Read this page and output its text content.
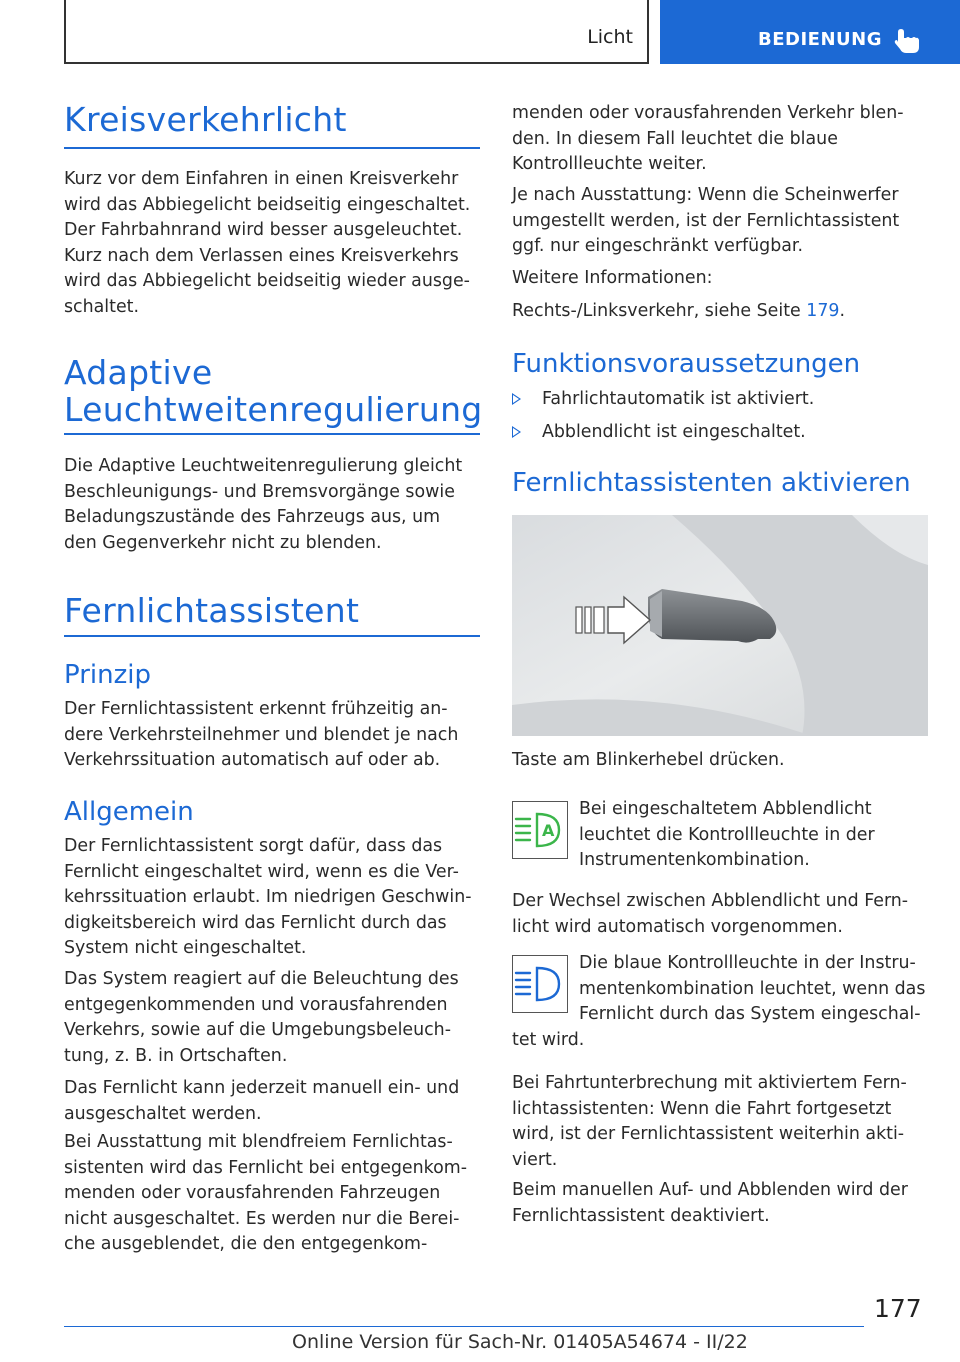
Licht	BEDIENUNG
Kreisverkehrlicht
Kurz vor dem Einfahren in einen Kreisverkehr
wird das Abbiegelicht beidseitig eingeschaltet.
Der Fahrbahnrand wird besser ausgeleuchtet.
Kurz nach dem Verlassen eines Kreisverkehrs
wird das Abbiegelicht beidseitig wieder ausge-
schaltet.
Adaptive
Leuchtweitenregulierung
Die Adaptive Leuchtweitenregulierung gleicht
Beschleunigungs- und Bremsvorgänge sowie
Beladungszustände des Fahrzeugs aus, um
den Gegenverkehr nicht zu blenden.
Fernlichtassistent
Prinzip
Der Fernlichtassistent erkennt frühzeitig an-
dere Verkehrsteilnehmer und blendet je nach
Verkehrssituation automatisch auf oder ab.
Allgemein
Der Fernlichtassistent sorgt dafür, dass das
Fernlicht eingeschaltet wird, wenn es die Ver-
kehrssituation erlaubt. Im niedrigen Geschwin-
digkeitsbereich wird das Fernlicht durch das
System nicht eingeschaltet.
Das System reagiert auf die Beleuchtung des
entgegenkommenden und vorausfahrenden
Verkehrs, sowie auf die Umgebungsbeleuch-
tung, z. B. in Ortschaften.
Das Fernlicht kann jederzeit manuell ein- und
ausgeschaltet werden.
Bei Ausstattung mit blendfreiem Fernlichtas-
sistenten wird das Fernlicht bei entgegenkom-
menden oder vorausfahrenden Fahrzeugen
nicht ausgeschaltet. Es werden nur die Berei-
che ausgeblendet, die den entgegenkom-
menden oder vorausfahrenden Verkehr blen-
den. In diesem Fall leuchtet die blaue
Kontrollleuchte weiter.
Je nach Ausstattung: Wenn die Scheinwerfer
umgestellt werden, ist der Fernlichtassistent
ggf. nur eingeschränkt verfügbar.
Weitere Informationen:
Rechts-/Linksverkehr, siehe Seite 179.
Funktionsvoraussetzungen
Fahrlichtautomatik ist aktiviert.
Abblendlicht ist eingeschaltet.
Fernlichtassistenten aktivieren
Taste am Blinkerhebel drücken.
A
Bei eingeschaltetem Abblendlicht
leuchtet die Kontrollleuchte in der
Instrumentenkombination.
Der Wechsel zwischen Abblendlicht und Fern-
licht wird automatisch vorgenommen.
Die blaue Kontrollleuchte in der Instru-
mentenkombination leuchtet, wenn das
Fernlicht durch das System eingeschal-
tet wird.
Bei Fahrtunterbrechung mit aktiviertem Fern-
lichtassistenten: Wenn die Fahrt fortgesetzt
wird, ist der Fernlichtassistent weiterhin akti-
viert.
Beim manuellen Auf- und Abblenden wird der
Fernlichtassistent deaktiviert.
177
Online Version für Sach-Nr. 01405A54674 - II/22
